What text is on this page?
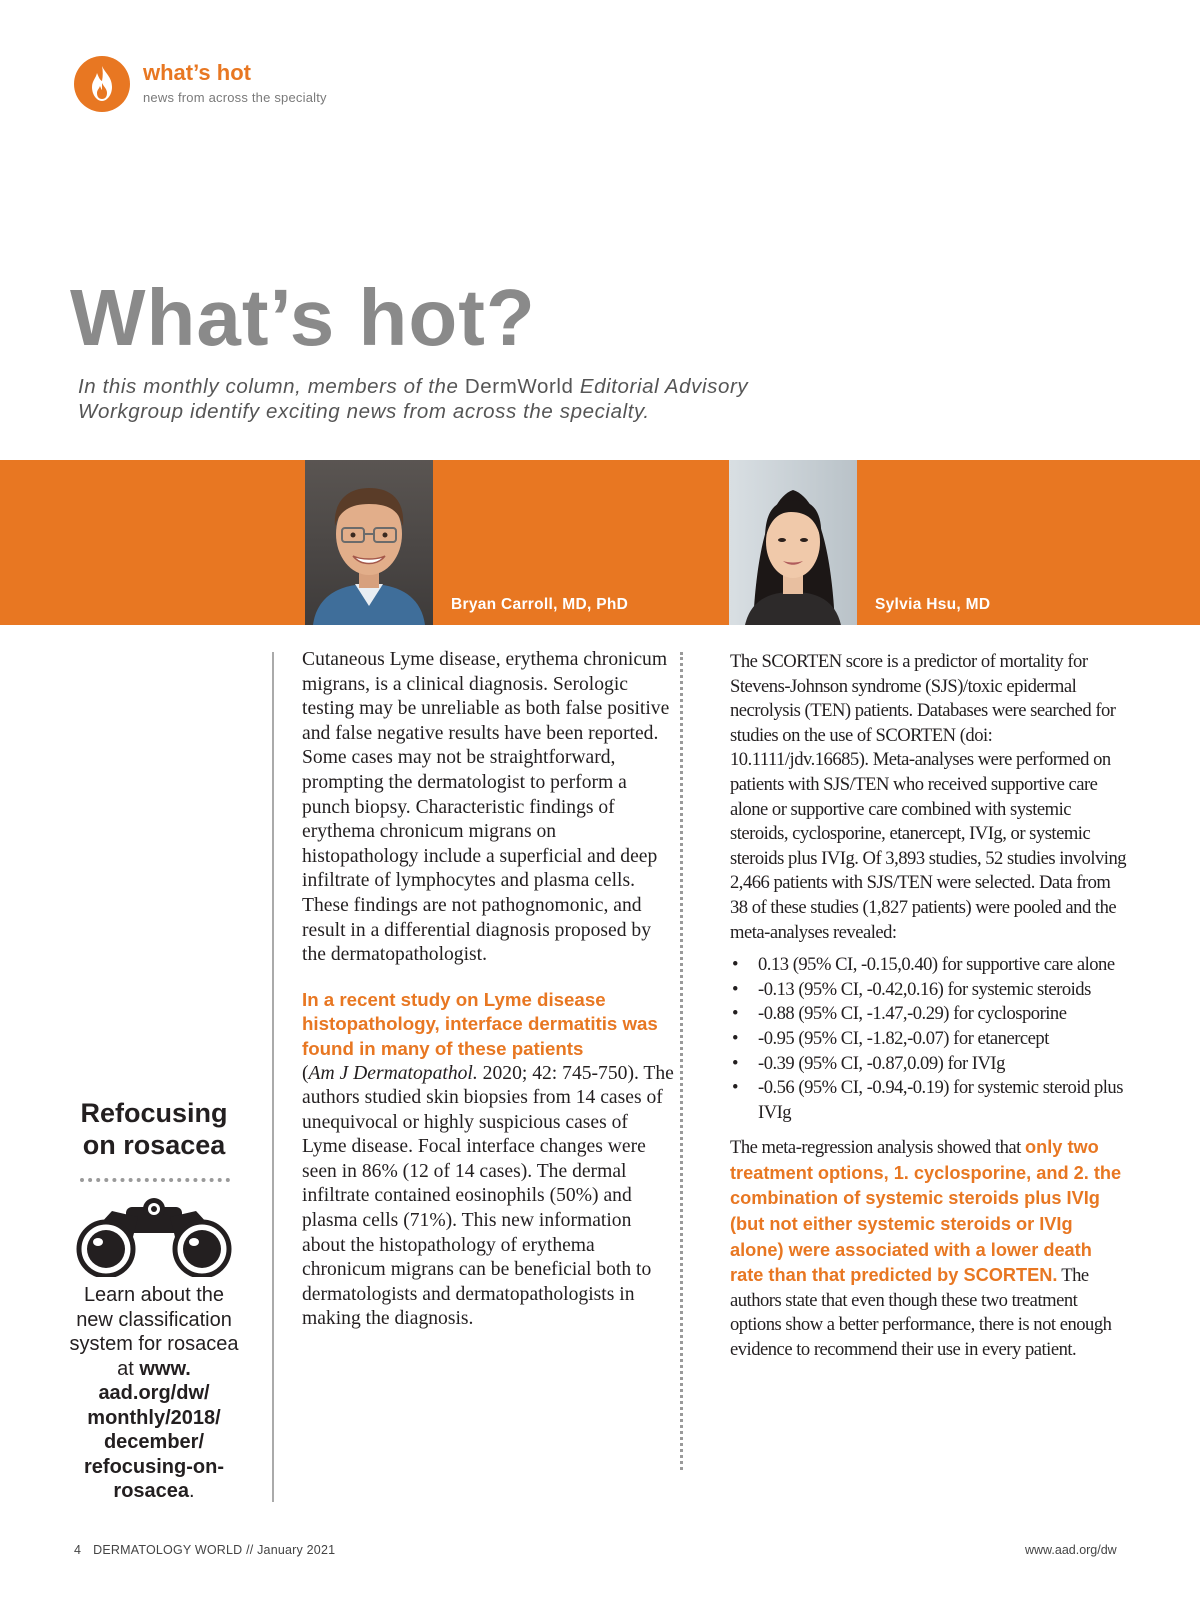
what’s hot
news from across the specialty
What’s hot?
In this monthly column, members of the DermWorld Editorial Advisory Workgroup identify exciting news from across the specialty.
Bryan Carroll, MD, PhD	Sylvia Hsu, MD

Cutaneous Lyme disease, erythema chronicum migrans, is a clinical diagnosis. Serologic testing may be unreliable as both false positive and false negative results have been reported. Some cases may not be straightforward, prompting the dermatologist to perform a punch biopsy. Characteristic findings of erythema chronicum migrans on histopathology include a superficial and deep infiltrate of lymphocytes and plasma cells. These findings are not pathognomonic, and result in a differential diagnosis proposed by the dermatopathologist.

In a recent study on Lyme disease histopathology, interface dermatitis was found in many of these patients

(Am J Dermatopathol. 2020; 42: 745-750). The authors studied skin biopsies from 14 cases of unequivocal or highly suspicious cases of Lyme disease. Focal interface changes were seen in 86% (12 of 14 cases). The dermal infiltrate contained eosinophils (50%) and plasma cells (71%). This new information about the histopathology of erythema chronicum migrans can be beneficial both to dermatologists and dermatopathologists in making the diagnosis.

The SCORTEN score is a predictor of mortality for Stevens-Johnson syndrome (SJS)/toxic epidermal necrolysis (TEN) patients. Databases were searched for studies on the use of SCORTEN (doi: 10.1111/jdv.16685). Meta-analyses were performed on patients with SJS/TEN who received supportive care alone or supportive care combined with systemic steroids, cyclosporine, etanercept, IVIg, or systemic steroids plus IVIg. Of 3,893 studies, 52 studies involving 2,466 patients with SJS/TEN were selected. Data from 38 of these studies (1,827 patients) were pooled and the meta-analyses revealed:

• 0.13 (95% CI, -0.15,0.40) for supportive care alone
• -0.13 (95% CI, -0.42,0.16) for systemic steroids
• -0.88 (95% CI, -1.47,-0.29) for cyclosporine
• -0.95 (95% CI, -1.82,-0.07) for etanercept
• -0.39 (95% CI, -0.87,0.09) for IVIg
• -0.56 (95% CI, -0.94,-0.19) for systemic steroid plus IVIg

The meta-regression analysis showed that only two treatment options, 1. cyclosporine, and 2. the combination of systemic steroids plus IVIg (but not either systemic steroids or IVIg alone) were associated with a lower death rate than that predicted by SCORTEN. The authors state that even though these two treatment options show a better performance, there is not enough evidence to recommend their use in every patient.

Refocusing on rosacea
Learn about the new classification system for rosacea at www.
aad.org/dw/
monthly/2018/
december/
refocusing-on-
rosacea.
4 DERMATOLOGY WORLD // January 2021	www.aad.org/dw
